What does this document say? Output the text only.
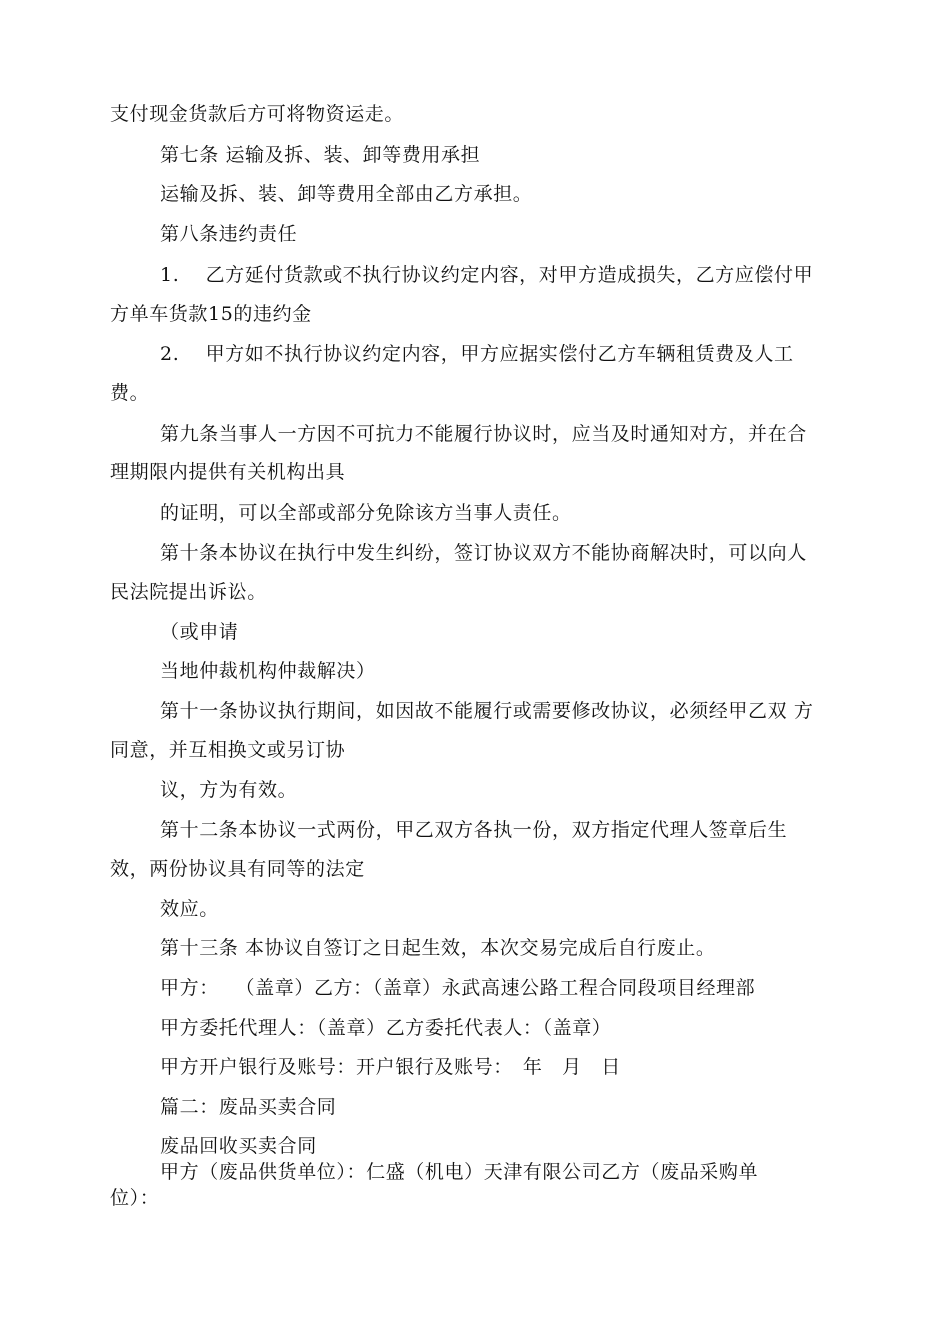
支付现金货款后方可将物资运走。
第七条 运输及拆、装、卸等费用承担
运输及拆、装、卸等费用全部由乙方承担。
第八条违约责任
1.　 乙方延付货款或不执行协议约定内容，对甲方造成损失，乙方应偿付甲
方单车货款15的违约金
2.　 甲方如不执行协议约定内容，甲方应据实偿付乙方车辆租赁费及人工
费。
第九条当事人一方因不可抗力不能履行协议时，应当及时通知对方，并在合
理期限内提供有关机构出具
的证明，可以全部或部分免除该方当事人责任。
第十条本协议在执行中发生纠纷，签订协议双方不能协商解决时，可以向人
民法院提出诉讼。
（或申请
当地仲裁机构仲裁解决）
第十一条协议执行期间，如因故不能履行或需要修改协议，必须经甲乙双 方
同意，并互相换文或另订协
议，方为有效。
第十二条本协议一式两份，甲乙双方各执一份，双方指定代理人签章后生
效，两份协议具有同等的法定
效应。
第十三条 本协议自签订之日起生效，本次交易完成后自行废止。
甲方：　 （盖章）乙方：（盖章）永武高速公路工程合同段项目经理部
甲方委托代理人：（盖章）乙方委托代表人：（盖章）
甲方开户银行及账号：开户银行及账号：　年　月　日
篇二：废品买卖合同
废品回收买卖合同
甲方（废品供货单位）：仁盛（机电）天津有限公司乙方（废品采购单
位）：
